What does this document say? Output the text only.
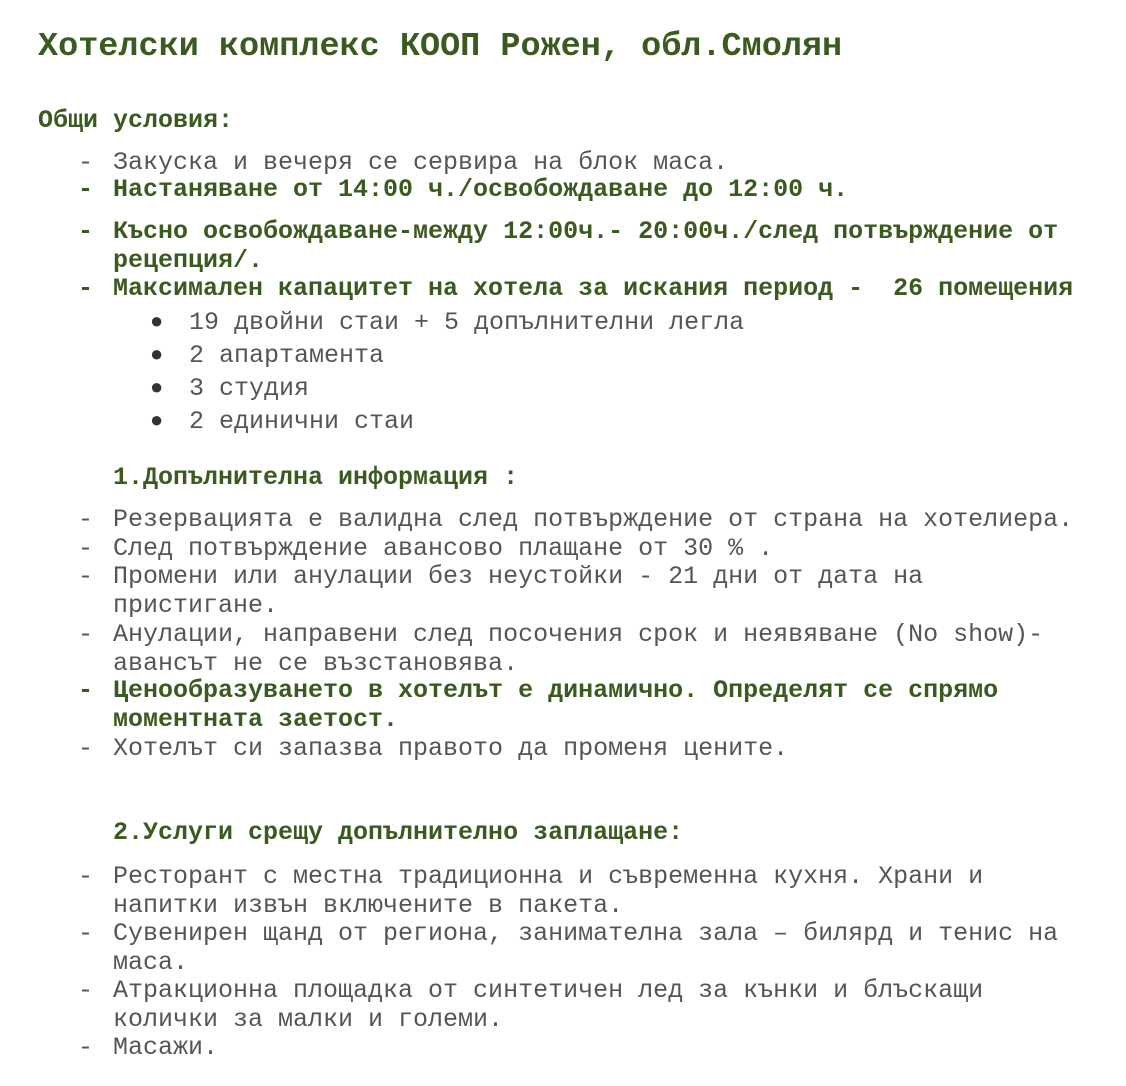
Хотелски комплекс КООП Рожен, обл.Смолян
Общи условия:
- Закуска и вечеря се сервира на блок маса.
- Настаняване от 14:00 ч./освобождаване до 12:00 ч.
- Късно освобождаване-между 12:00ч.- 20:00ч./след потвърждение от
рецепция/.
- Максимален капацитет на хотела за искания период -  26 помещения
● 19 двойни стаи + 5 допълнителни легла
● 2 апартамента
● 3 студия
● 2 единични стаи
1.Допълнителна информация :
- Резервацията е валидна след потвърждение от страна на хотелиера.
- След потвърждение авансово плащане от 30 % .
- Промени или анулации без неустойки - 21 дни от дата на
пристигане.
- Анулации, направени след посочения срок и неявяване (No show)-
авансът не се възстановява.
- Ценообразуването в хотелът е динамично. Определят се спрямо
моментната заетост.
- Хотелът си запазва правото да променя цените.
2.Услуги срещу допълнително заплащане:
- Ресторант с местна традиционна и съвременна кухня. Храни и
напитки извън включените в пакета.
- Сувенирен щанд от региона, занимателна зала – билярд и тенис на
маса.
- Атракционна площадка от синтетичен лед за кънки и блъскащи
колички за малки и големи.
- Масажи.
